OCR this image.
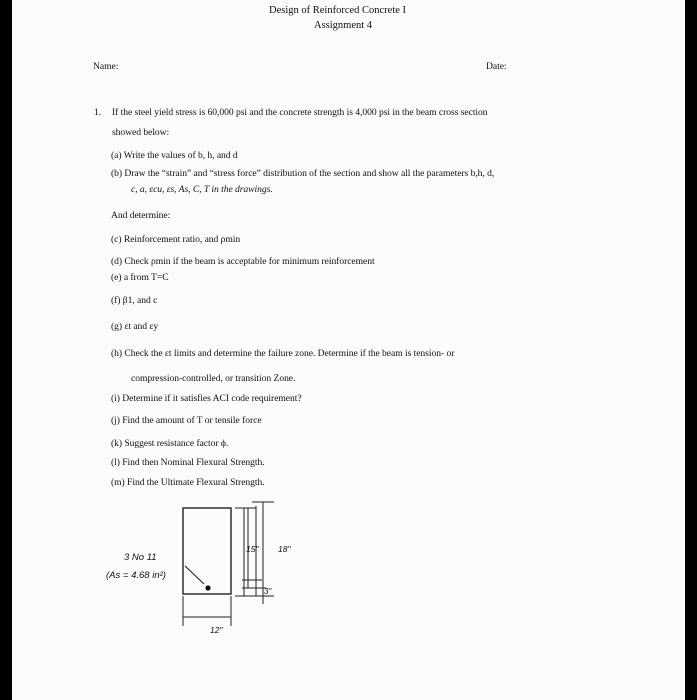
Design of Reinforced Concrete I
Assignment 4
Name:	Date:
1. If the steel yield stress is 60,000 psi and the concrete strength is 4,000 psi in the beam cross section
showed below:
(a) Write the values of b, h, and d
(b) Draw the “strain” and “stress force” distribution of the section and show all the parameters b,h, d,
c, a, εcu, εs, As, C, T in the drawings.
And determine:
(c) Reinforcement ratio, and ρmin
(d) Check ρmin if the beam is acceptable for minimum reinforcement
(e) a from T=C
(f) β1, and c
(g) εt and εy
(h) Check the εt limits and determine the failure zone. Determine if the beam is tension- or
compression-controlled, or transition Zone.
(i) Determine if it satisfies ACI code requirement?
(j) Find the amount of T or tensile force
(k) Suggest resistance factor ϕ.
(l) Find then Nominal Flexural Strength.
(m) Find the Ultimate Flexural Strength.
3 No 11
(As = 4.68 in²)
15" 18"
3"
12"
